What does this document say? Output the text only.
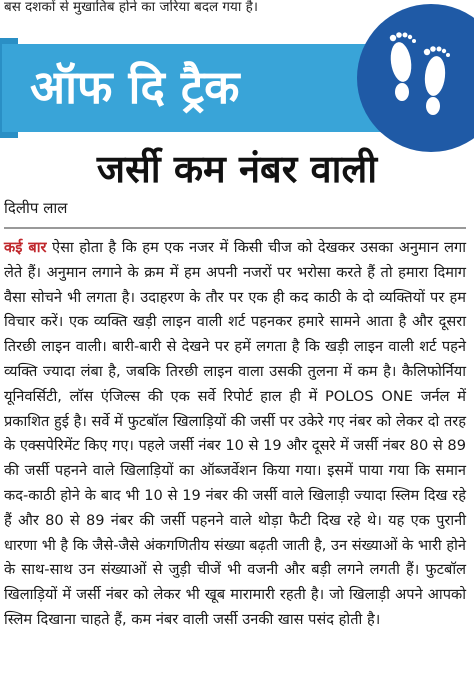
बस दशकों से मुखातिब होने का जरिया बदल गया है।
ऑफ दि ट्रैक
जर्सी कम नंबर वाली
दिलीप लाल
कई बार ऐसा होता है कि हम एक नजर में किसी चीज को देखकर उसका अनुमान लगा लेते हैं। अनुमान लगाने के क्रम में हम अपनी नजरों पर भरोसा करते हैं तो हमारा दिमाग वैसा सोचने भी लगता है। उदाहरण के तौर पर एक ही कद काठी के दो व्यक्तियों पर हम विचार करें। एक व्यक्ति खड़ी लाइन वाली शर्ट पहनकर हमारे सामने आता है और दूसरा तिरछी लाइन वाली। बारी-बारी से देखने पर हमें लगता है कि खड़ी लाइन वाली शर्ट पहने व्यक्ति ज्यादा लंबा है, जबकि तिरछी लाइन वाला उसकी तुलना में कम है। कैलिफोर्निया यूनिवर्सिटी, लॉस एंजिल्स की एक सर्वे रिपोर्ट हाल ही में POLOS ONE जर्नल में प्रकाशित हुई है। सर्वे में फुटबॉल खिलाड़ियों की जर्सी पर उकेरे गए नंबर को लेकर दो तरह के एक्सपेरिमेंट किए गए। पहले जर्सी नंबर 10 से 19 और दूसरे में जर्सी नंबर 80 से 89 की जर्सी पहनने वाले खिलाड़ियों का ऑब्जर्वेशन किया गया। इसमें पाया गया कि समान कद-काठी होने के बाद भी 10 से 19 नंबर की जर्सी वाले खिलाड़ी ज्यादा स्लिम दिख रहे हैं और 80 से 89 नंबर की जर्सी पहनने वाले थोड़ा फैटी दिख रहे थे। यह एक पुरानी धारणा भी है कि जैसे-जैसे अंकगणितीय संख्या बढ़ती जाती है, उन संख्याओं के भारी होने के साथ-साथ उन संख्याओं से जुड़ी चीजें भी वजनी और बड़ी लगने लगती हैं। फुटबॉल खिलाड़ियों में जर्सी नंबर को लेकर भी खूब मारामारी रहती है। जो खिलाड़ी अपने आपको स्लिम दिखाना चाहते हैं, कम नंबर वाली जर्सी उनकी खास पसंद होती है।
